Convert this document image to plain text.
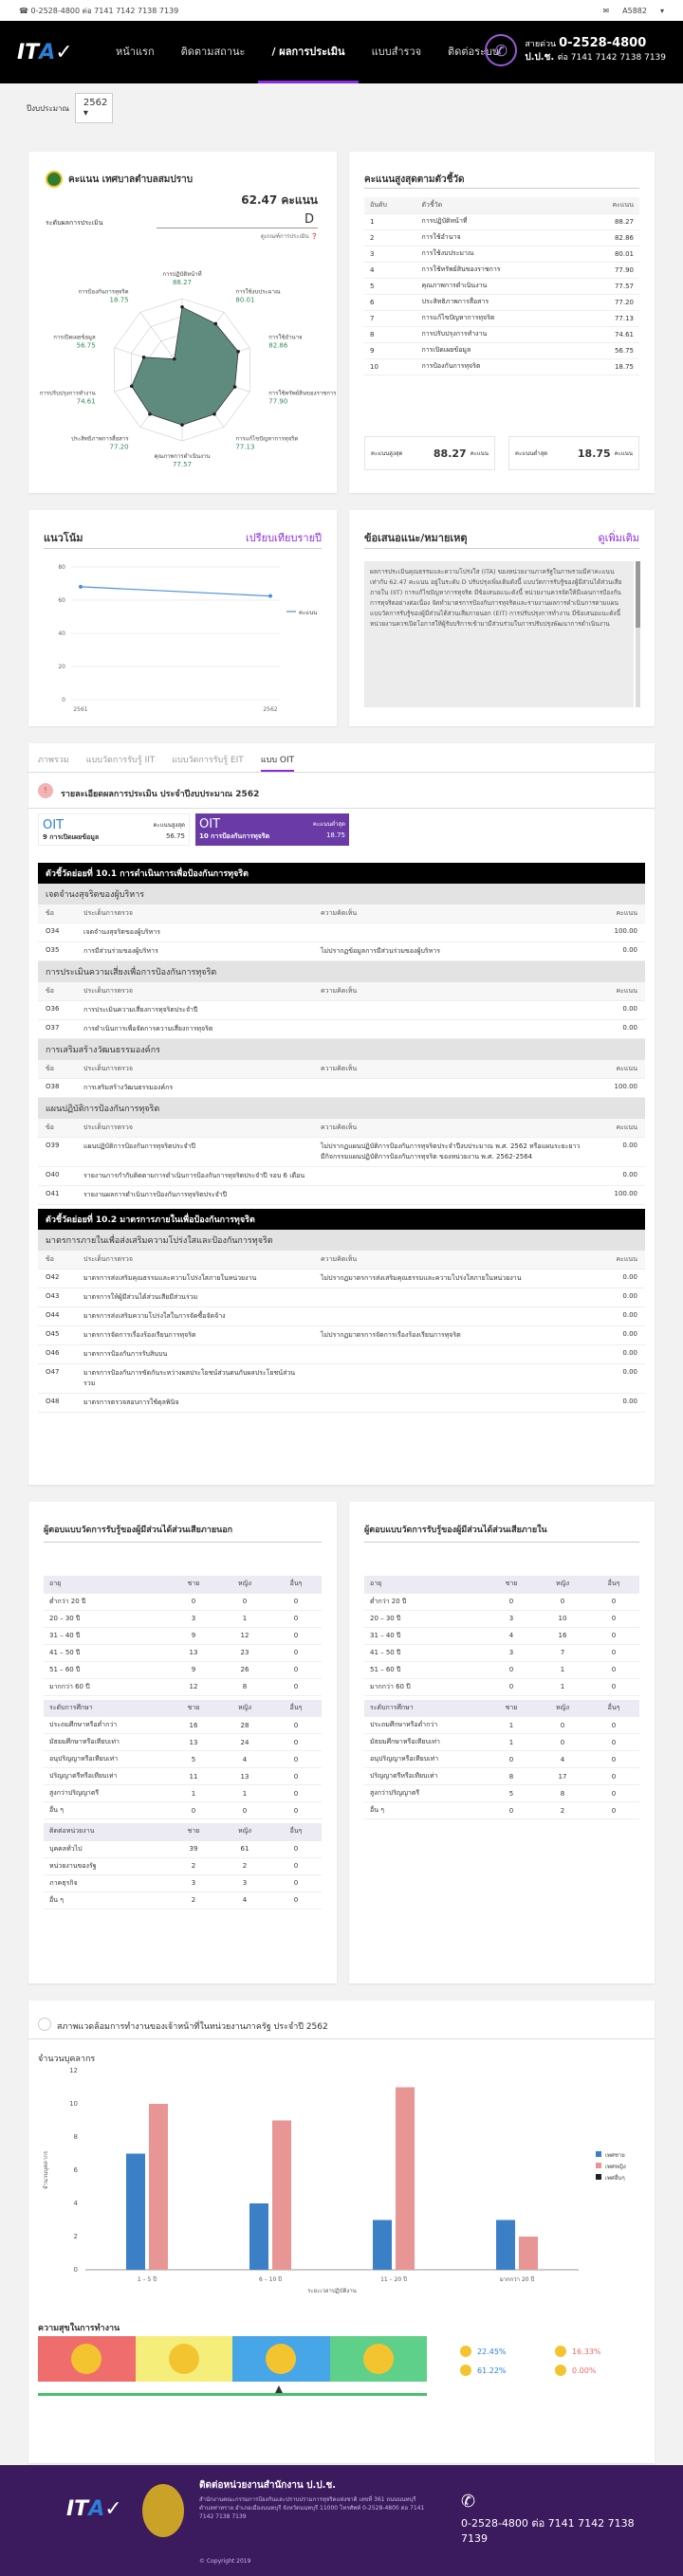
☎ 0-2528-4800 ต่อ 7141 7142 7138 7139	✉ A5882 ▾
ITA✓	หน้าแรก	ติดตามสถานะ	/ ผลการประเมิน	แบบสำรวจ	ติดต่อระบบ
✆	สายด่วน 0-2528-4800
ป.ป.ช. ต่อ 7141 7142 7138 7139
ปีงบประมาณ	2562 ▾
คะแนน เทศบาลตำบลสมปราบ
62.47 คะแนน
ระดับผลการประเมิน	D
ดูเกณฑ์การประเมิน ❓
การปฏิบัติหน้าที่
88.27
การใช้งบประมาณ
80.01
การใช้อำนาจ
82.86
การใช้ทรัพย์สินของราชการ
77.90
การแก้ไขปัญหาการทุจริต
77.13
คุณภาพการดำเนินงาน
77.57
ประสิทธิภาพการสื่อสาร
77.20
การปรับปรุงการทำงาน
74.61
การเปิดเผยข้อมูล
56.75
การป้องกันการทุจริต
18.75
คะแนนสูงสุดตามตัวชี้วัด
อันดับ	ตัวชี้วัด	คะแนน
1	การปฏิบัติหน้าที่	88.27
2	การใช้อำนาจ	82.86
3	การใช้งบประมาณ	80.01
4	การใช้ทรัพย์สินของราชการ	77.90
5	คุณภาพการดำเนินงาน	77.57
6	ประสิทธิภาพการสื่อสาร	77.20
7	การแก้ไขปัญหาการทุจริต	77.13
8	การปรับปรุงการทำงาน	74.61
9	การเปิดเผยข้อมูล	56.75
10	การป้องกันการทุจริต	18.75
คะแนนสูงสุด	88.27 คะแนน	คะแนนต่ำสุด	18.75 คะแนน
แนวโน้ม	เปรียบเทียบรายปี
0
20
40
60
80
2561	2562
คะแนน
ข้อเสนอแนะ/หมายเหตุ	ดูเพิ่มเติม
ผลการประเมินคุณธรรมและความโปร่งใส (ITA) ของหน่วยงานภาครัฐในภาพรวมมีค่าคะแนนเท่ากับ 62.47 คะแนน อยู่ในระดับ D ปรับปรุงเพิ่มเติมดังนี้ แบบวัดการรับรู้ของผู้มีส่วนได้ส่วนเสียภายใน (IIT) การแก้ไขปัญหาการทุจริต มีข้อเสนอแนะดังนี้ หน่วยงานควรจัดให้มีแผนการป้องกันการทุจริตอย่างต่อเนื่อง จัดทำมาตรการป้องกันการทุจริตและรายงานผลการดำเนินการตามแผน แบบวัดการรับรู้ของผู้มีส่วนได้ส่วนเสียภายนอก (EIT) การปรับปรุงการทำงาน มีข้อเสนอแนะดังนี้ หน่วยงานควรเปิดโอกาสให้ผู้รับบริการเข้ามามีส่วนร่วมในการปรับปรุงพัฒนาการดำเนินงาน
ภาพรวม แบบวัดการรับรู้ IIT แบบวัดการรับรู้ EIT แบบ OIT
!	รายละเอียดผลการประเมิน ประจำปีงบประมาณ 2562
OIT	คะแนนสูงสุด
9 การเปิดเผยข้อมูล	56.75
OIT	คะแนนต่ำสุด
10 การป้องกันการทุจริต	18.75
ตัวชี้วัดย่อยที่ 10.1 การดำเนินการเพื่อป้องกันการทุจริต
เจตจำนงสุจริตของผู้บริหาร
ข้อ	ประเด็นการตรวจ	ความคิดเห็น	คะแนน
O34	เจตจำนงสุจริตของผู้บริหาร		100.00
O35	การมีส่วนร่วมของผู้บริหาร	ไม่ปรากฏข้อมูลการมีส่วนร่วมของผู้บริหาร	0.00
การประเมินความเสี่ยงเพื่อการป้องกันการทุจริต
ข้อ	ประเด็นการตรวจ	ความคิดเห็น	คะแนน
O36	การประเมินความเสี่ยงการทุจริตประจำปี		0.00
O37	การดำเนินการเพื่อจัดการความเสี่ยงการทุจริต		0.00
การเสริมสร้างวัฒนธรรมองค์กร
ข้อ	ประเด็นการตรวจ	ความคิดเห็น	คะแนน
O38	การเสริมสร้างวัฒนธรรมองค์กร		100.00
แผนปฏิบัติการป้องกันการทุจริต
ข้อ	ประเด็นการตรวจ	ความคิดเห็น	คะแนน
O39	แผนปฏิบัติการป้องกันการทุจริตประจำปี	ไม่ปรากฏแผนปฏิบัติการป้องกันการทุจริตประจำปีงบประมาณ พ.ศ. 2562 หรือแผนระยะยาว มีกิจกรรมแผนปฏิบัติการป้องกันการทุจริต ของหน่วยงาน พ.ศ. 2562-2564	0.00
O40	รายงานการกำกับติดตามการดำเนินการป้องกันการทุจริตประจำปี รอบ 6 เดือน		0.00
O41	รายงานผลการดำเนินการป้องกันการทุจริตประจำปี		100.00
ตัวชี้วัดย่อยที่ 10.2 มาตรการภายในเพื่อป้องกันการทุจริต
มาตรการภายในเพื่อส่งเสริมความโปร่งใสและป้องกันการทุจริต
ข้อ	ประเด็นการตรวจ	ความคิดเห็น	คะแนน
O42	มาตรการส่งเสริมคุณธรรมและความโปร่งใสภายในหน่วยงาน	ไม่ปรากฏมาตรการส่งเสริมคุณธรรมและความโปร่งใสภายในหน่วยงาน	0.00
O43	มาตรการให้ผู้มีส่วนได้ส่วนเสียมีส่วนร่วม		0.00
O44	มาตรการส่งเสริมความโปร่งใสในการจัดซื้อจัดจ้าง		0.00
O45	มาตรการจัดการเรื่องร้องเรียนการทุจริต	ไม่ปรากฏมาตรการจัดการเรื่องร้องเรียนการทุจริต	0.00
O46	มาตรการป้องกันการรับสินบน		0.00
O47	มาตรการป้องกันการขัดกันระหว่างผลประโยชน์ส่วนตนกับผลประโยชน์ส่วนรวม		0.00
O48	มาตรการตรวจสอบการใช้ดุลพินิจ		0.00
ผู้ตอบแบบวัดการรับรู้ของผู้มีส่วนได้ส่วนเสียภายนอก
อายุ	ชาย	หญิง	อื่นๆ
ต่ำกว่า 20 ปี	0	0	0
20 – 30 ปี	3	1	0
31 – 40 ปี	9	12	0
41 – 50 ปี	13	23	0
51 – 60 ปี	9	26	0
มากกว่า 60 ปี	12	8	0
ระดับการศึกษา	ชาย	หญิง	อื่นๆ
ประถมศึกษาหรือต่ำกว่า	16	28	0
มัธยมศึกษาหรือเทียบเท่า	13	24	0
อนุปริญญาหรือเทียบเท่า	5	4	0
ปริญญาตรีหรือเทียบเท่า	11	13	0
สูงกว่าปริญญาตรี	1	1	0
อื่น ๆ	0	0	0
ติดต่อหน่วยงาน	ชาย	หญิง	อื่นๆ
บุคคลทั่วไป	39	61	0
หน่วยงานของรัฐ	2	2	0
ภาคธุรกิจ	3	3	0
อื่น ๆ	2	4	0
ผู้ตอบแบบวัดการรับรู้ของผู้มีส่วนได้ส่วนเสียภายใน
อายุ	ชาย	หญิง	อื่นๆ
ต่ำกว่า 20 ปี	0	0	0
20 – 30 ปี	3	10	0
31 – 40 ปี	4	16	0
41 – 50 ปี	3	7	0
51 – 60 ปี	0	1	0
มากกว่า 60 ปี	0	1	0
ระดับการศึกษา	ชาย	หญิง	อื่นๆ
ประถมศึกษาหรือต่ำกว่า	1	0	0
มัธยมศึกษาหรือเทียบเท่า	1	0	0
อนุปริญญาหรือเทียบเท่า	0	4	0
ปริญญาตรีหรือเทียบเท่า	8	17	0
สูงกว่าปริญญาตรี	5	8	0
อื่น ๆ	0	2	0
สภาพแวดล้อมการทำงานของเจ้าหน้าที่ในหน่วยงานภาครัฐ ประจำปี 2562
จำนวนบุคลากร
0
2
4
6
8
10
12
จำนวนบุคลากร
1 – 5 ปี	6 – 10 ปี	11 – 20 ปี	มากกว่า 20 ปี
ระยะเวลาปฏิบัติงาน
เพศชาย
เพศหญิง
เพศอื่นๆ
ความสุขในการทำงาน
22.45%	16.33%
61.22%	0.00%
ITA✓
ติดต่อหน่วยงานสำนักงาน ป.ป.ช.
สำนักงานคณะกรรมการป้องกันและปราบปรามการทุจริตแห่งชาติ เลขที่ 361 ถนนนนทบุรี ตำบลท่าทราย อำเภอเมืองนนทบุรี จังหวัดนนทบุรี 11000 โทรศัพท์ 0-2528-4800 ต่อ 7141 7142 7138 7139
© Copyright 2019
✆
0-2528-4800 ต่อ 7141 7142 7138 7139
